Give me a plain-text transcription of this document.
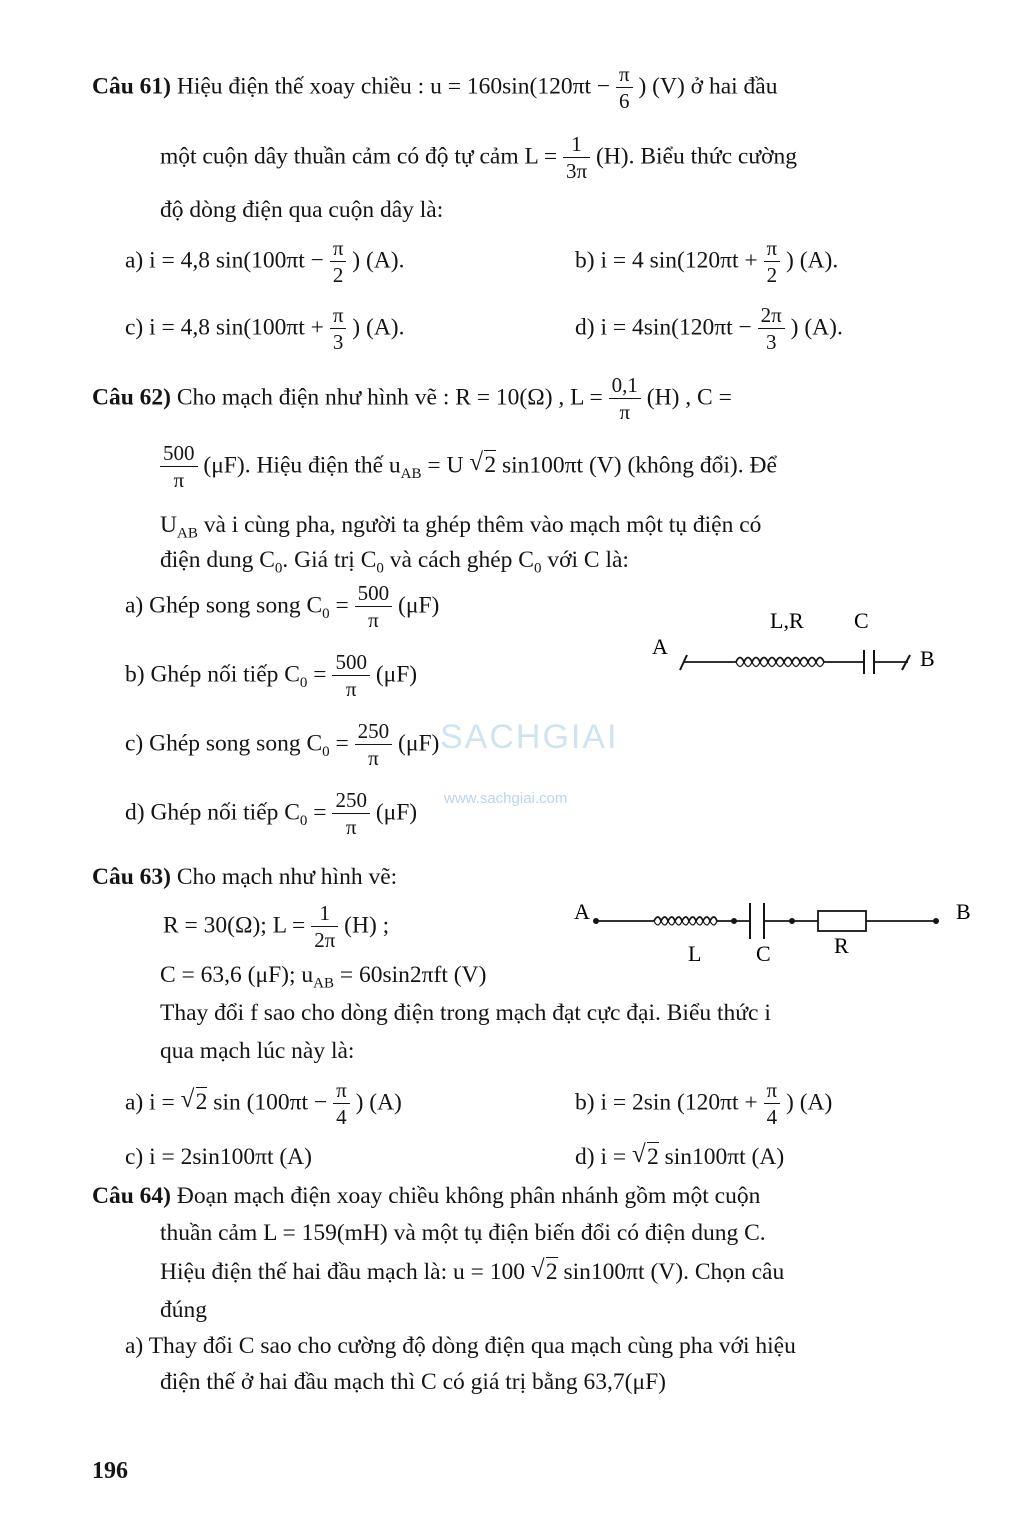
Câu 61) Hiệu điện thế xoay chiều : $u = 160\sin(120\pi t - \frac{\pi}{6}$ ) (V) ở hai đầu
một cuộn dây thuần cảm có độ tự cảm $L = \frac{1}{3\pi} (H)$. Biểu thức cường
độ dòng điện qua cuộn dây là:
a) i = 4,8 $\sin(100\pi t - \frac{\pi}{2}$ ) (A).	b) i = 4 $\sin(120\pi t + \frac{\pi}{2}$ ) (A).
c) i = 4,8 $\sin(100\pi t + \frac{\pi}{3}$ ) (A).	d) $i = 4\sin(120\pi t - \frac{2\pi}{3}$ ) (A).
Câu 62) Cho mạch điện như hình vẽ : R = 10(Ω) , $L = \frac{0,1}{\pi} (H)$ , C =
$\frac{500}{\pi} (\mu F)$. Hiệu điện thế $u_{AB} = U$ √ 2 sin100πt (V) (không đổi). Để
$U_{AB}$ và i cùng pha, người ta ghép thêm vào mạch một tụ điện có
điện dung $C_0$. Giá trị $C_0$ và cách ghép $C_0$ với C là:
a) Ghép song song $C_0 = \frac{500}{\pi} (\mu F)$
b) Ghép nối tiếp $C_0 = \frac{500}{\pi} (\mu F)$
c) Ghép song song $C_0 = \frac{250}{\pi} (\mu F)$
d) Ghép nối tiếp $C_0 = \frac{250}{\pi} (\mu F)$
A
L,R C
B
Câu 63) Cho mạch như hình vẽ:
R = 30(Ω); $L = \frac{1}{2\pi} (H)$ ;
C = 63,6 (μF); $u_{AB} = 60\sin 2\pi ft$ (V)
Thay đổi f sao cho dòng điện trong mạch đạt cực đại. Biểu thức i
qua mạch lúc này là:
A	B
L C	R
a) i = √ 2 $\sin (100\pi t - \frac{\pi}{4}$ ) (A)	b) i = 2sin ($120\pi t + \frac{\pi}{4}$ ) (A)
c) i = 2sin100πt (A)	d) i = √ 2 sin100πt (A)
Câu 64) Đoạn mạch điện xoay chiều không phân nhánh gồm một cuộn
thuần cảm L = 159(mH) và một tụ điện biến đổi có điện dung C.
Hiệu điện thế hai đầu mạch là: u = 100 √ 2 sin100πt (V). Chọn câu
đúng
a) Thay đổi C sao cho cường độ dòng điện qua mạch cùng pha với hiệu
điện thế ở hai đầu mạch thì C có giá trị bằng 63,7(μF)
196
SACHGIAI
www.sachgiai.com
